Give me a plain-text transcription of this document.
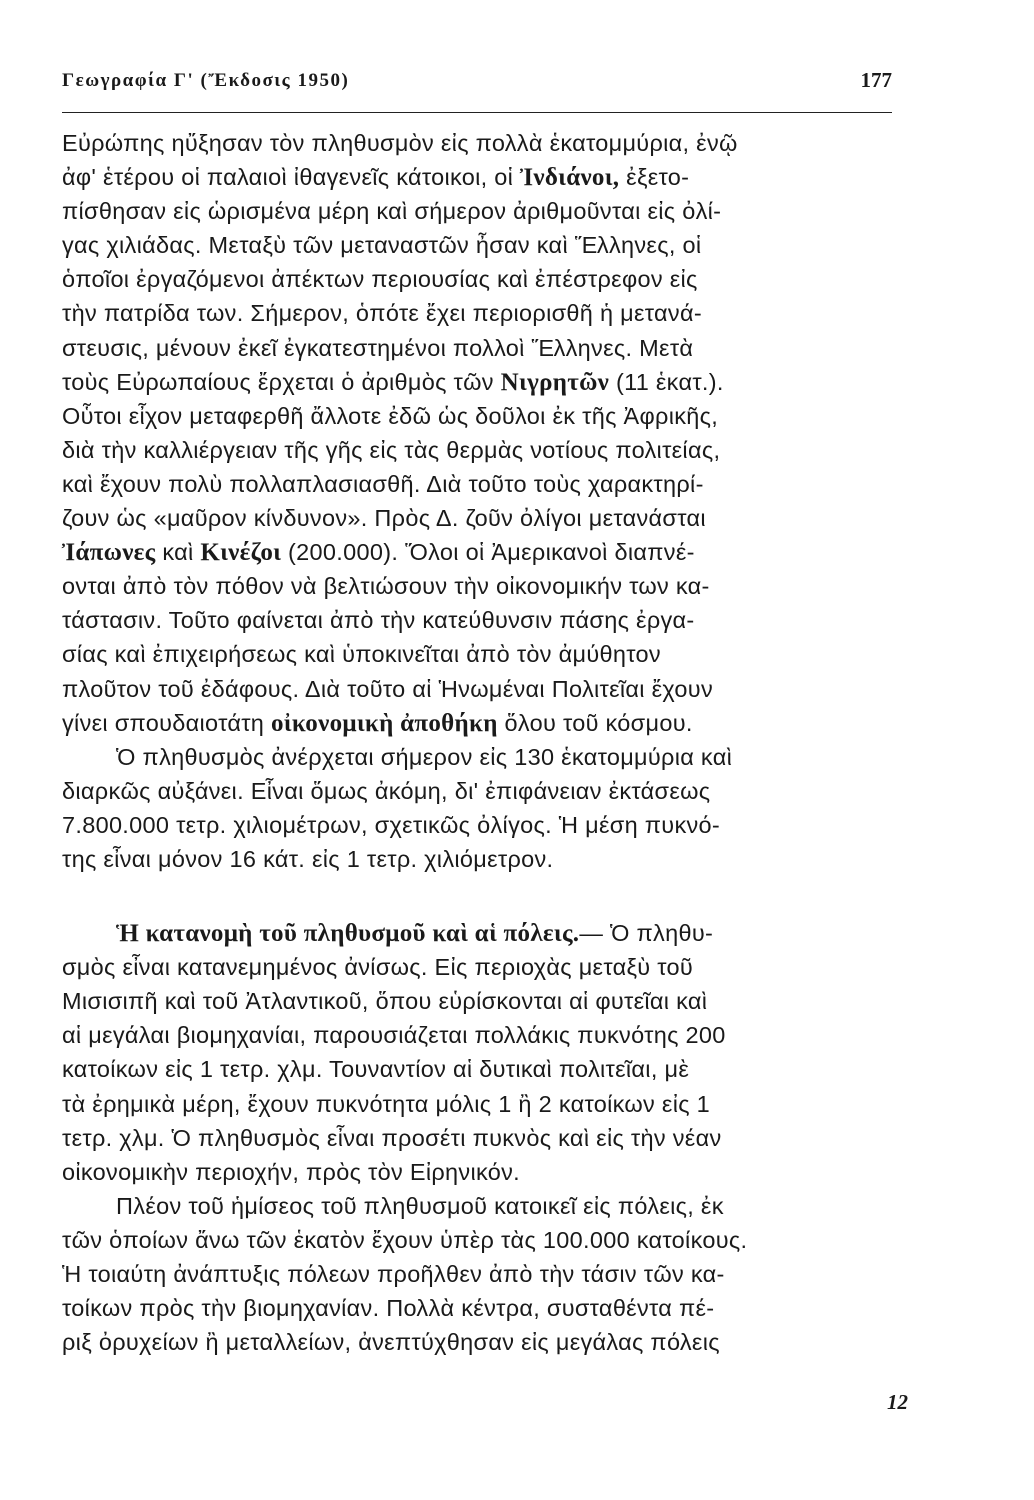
Γεωγραφία Γ' (Ἔκδοσις 1950)	177
Εὐρώπης ηὔξησαν τὸν πληθυσμὸν εἰς πολλὰ ἑκατομμύρια, ἐνῷ
ἀφ' ἑτέρου οἱ παλαιοὶ ἰθαγενεῖς κάτοικοι, οἱ Ἰνδιάνοι, ἐξετο-
πίσθησαν εἰς ὡρισμένα μέρη καὶ σήμερον ἀριθμοῦνται εἰς ὀλί-
γας χιλιάδας. Μεταξὺ τῶν μεταναστῶν ἦσαν καὶ Ἕλληνες, οἱ
ὁποῖοι ἐργαζόμενοι ἀπέκτων περιουσίας καὶ ἐπέστρεφον εἰς
τὴν πατρίδα των. Σήμερον, ὁπότε ἔχει περιορισθῆ ἡ μετανά-
στευσις, μένουν ἐκεῖ ἐγκατεστημένοι πολλοὶ Ἕλληνες. Μετὰ
τοὺς Εὐρωπαίους ἔρχεται ὁ ἀριθμὸς τῶν Νιγρητῶν (11 ἑκατ.).
Οὗτοι εἶχον μεταφερθῆ ἄλλοτε ἐδῶ ὡς δοῦλοι ἐκ τῆς Ἀφρικῆς,
διὰ τὴν καλλιέργειαν τῆς γῆς εἰς τὰς θερμὰς νοτίους πολιτείας,
καὶ ἔχουν πολὺ πολλαπλασιασθῆ. Διὰ τοῦτο τοὺς χαρακτηρί-
ζουν ὡς «μαῦρον κίνδυνον». Πρὸς Δ. ζοῦν ὀλίγοι μετανάσται
Ἰάπωνες καὶ Κινέζοι (200.000). Ὅλοι οἱ Ἀμερικανοὶ διαπνέ-
ονται ἀπὸ τὸν πόθον νὰ βελτιώσουν τὴν οἰκονομικήν των κα-
τάστασιν. Τοῦτο φαίνεται ἀπὸ τὴν κατεύθυνσιν πάσης ἐργα-
σίας καὶ ἐπιχειρήσεως καὶ ὑποκινεῖται ἀπὸ τὸν ἀμύθητον
πλοῦτον τοῦ ἐδάφους. Διὰ τοῦτο αἱ Ἡνωμέναι Πολιτεῖαι ἔχουν
γίνει σπουδαιοτάτη οἰκονομικὴ ἀποθήκη ὅλου τοῦ κόσμου.
Ὁ πληθυσμὸς ἀνέρχεται σήμερον εἰς 130 ἑκατομμύρια καὶ
διαρκῶς αὐξάνει. Εἶναι ὅμως ἀκόμη, δι' ἐπιφάνειαν ἐκτάσεως
7.800.000 τετρ. χιλιομέτρων, σχετικῶς ὀλίγος. Ἡ μέση πυκνό-
της εἶναι μόνον 16 κάτ. εἰς 1 τετρ. χιλιόμετρον.
Ἡ κατανομὴ τοῦ πληθυσμοῦ καὶ αἱ πόλεις.— Ὁ πληθυ-
σμὸς εἶναι κατανεμημένος ἀνίσως. Εἰς περιοχὰς μεταξὺ τοῦ
Μισισιπῆ καὶ τοῦ Ἀτλαντικοῦ, ὅπου εὑρίσκονται αἱ φυτεῖαι καὶ
αἱ μεγάλαι βιομηχανίαι, παρουσιάζεται πολλάκις πυκνότης 200
κατοίκων εἰς 1 τετρ. χλμ. Τουναντίον αἱ δυτικαὶ πολιτεῖαι, μὲ
τὰ ἐρημικὰ μέρη, ἔχουν πυκνότητα μόλις 1 ἢ 2 κατοίκων εἰς 1
τετρ. χλμ. Ὁ πληθυσμὸς εἶναι προσέτι πυκνὸς καὶ εἰς τὴν νέαν
οἰκονομικὴν περιοχήν, πρὸς τὸν Εἰρηνικόν.
Πλέον τοῦ ἡμίσεος τοῦ πληθυσμοῦ κατοικεῖ εἰς πόλεις, ἐκ
τῶν ὁποίων ἄνω τῶν ἑκατὸν ἔχουν ὑπὲρ τὰς 100.000 κατοίκους.
Ἡ τοιαύτη ἀνάπτυξις πόλεων προῆλθεν ἀπὸ τὴν τάσιν τῶν κα-
τοίκων πρὸς τὴν βιομηχανίαν. Πολλὰ κέντρα, συσταθέντα πέ-
ριξ ὀρυχείων ἢ μεταλλείων, ἀνεπτύχθησαν εἰς μεγάλας πόλεις
12
